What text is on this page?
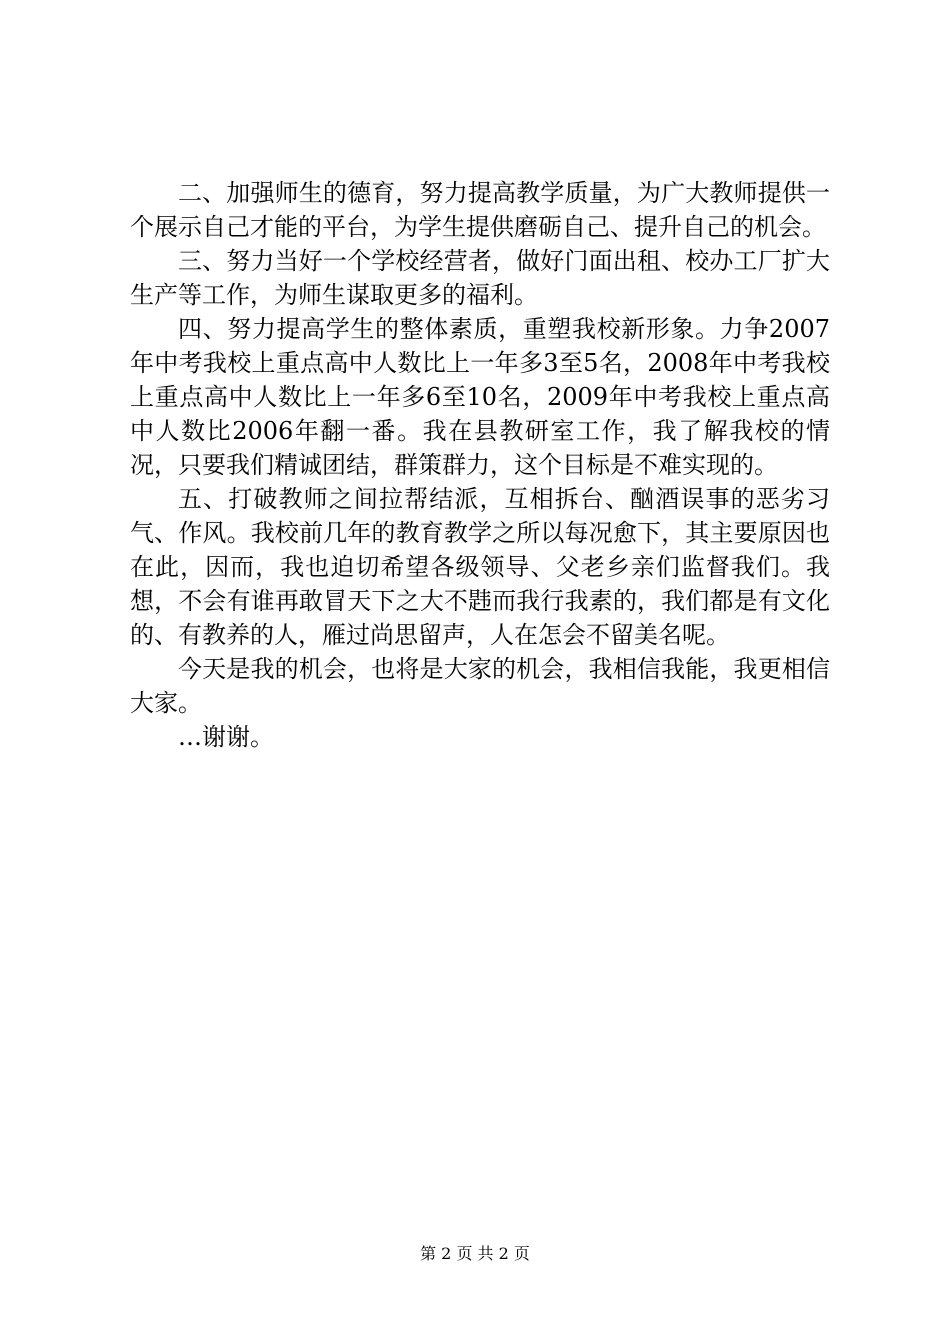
二、加强师生的德育，努力提高教学质量，为广大教师提供一个展示自己才能的平台，为学生提供磨砺自己、提升自己的机会。

三、努力当好一个学校经营者，做好门面出租、校办工厂扩大生产等工作，为师生谋取更多的福利。

四、努力提高学生的整体素质，重塑我校新形象。力争2007年中考我校上重点高中人数比上一年多3至5名，2008年中考我校上重点高中人数比上一年多6至10名，2009年中考我校上重点高中人数比2006年翻一番。我在县教研室工作，我了解我校的情况，只要我们精诚团结，群策群力，这个目标是不难实现的。

五、打破教师之间拉帮结派，互相拆台、酗酒误事的恶劣习气、作风。我校前几年的教育教学之所以每况愈下，其主要原因也在此，因而，我也迫切希望各级领导、父老乡亲们监督我们。我想，不会有谁再敢冒天下之大不韪而我行我素的，我们都是有文化的、有教养的人，雁过尚思留声，人在怎会不留美名呢。

今天是我的机会，也将是大家的机会，我相信我能，我更相信大家。

…谢谢。

第 2 页 共 2 页
